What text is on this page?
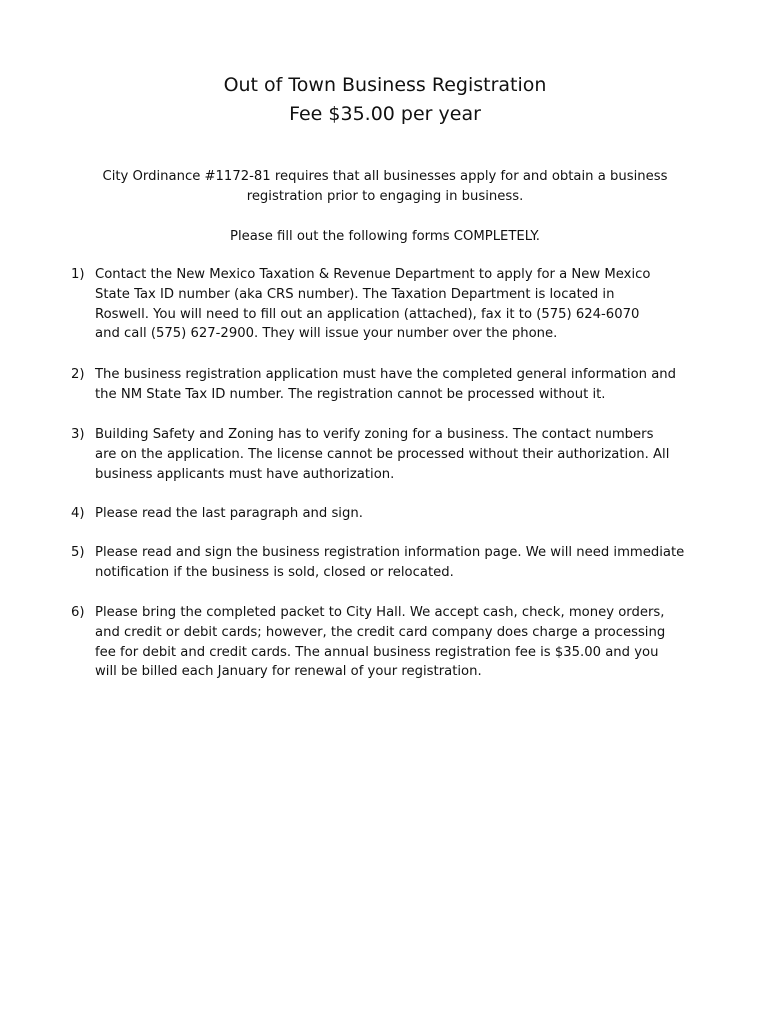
Out of Town Business Registration
Fee $35.00 per year
City Ordinance #1172-81 requires that all businesses apply for and obtain a business
registration prior to engaging in business.
Please fill out the following forms COMPLETELY.
1) Contact the New Mexico Taxation & Revenue Department to apply for a New Mexico
State Tax ID number (aka CRS number). The Taxation Department is located in
Roswell. You will need to fill out an application (attached), fax it to (575) 624-6070
and call (575) 627-2900. They will issue your number over the phone.
2) The business registration application must have the completed general information and
the NM State Tax ID number. The registration cannot be processed without it.
3) Building Safety and Zoning has to verify zoning for a business. The contact numbers
are on the application. The license cannot be processed without their authorization. All
business applicants must have authorization.
4) Please read the last paragraph and sign.
5) Please read and sign the business registration information page. We will need immediate
notification if the business is sold, closed or relocated.
6) Please bring the completed packet to City Hall. We accept cash, check, money orders,
and credit or debit cards; however, the credit card company does charge a processing
fee for debit and credit cards. The annual business registration fee is $35.00 and you
will be billed each January for renewal of your registration.
